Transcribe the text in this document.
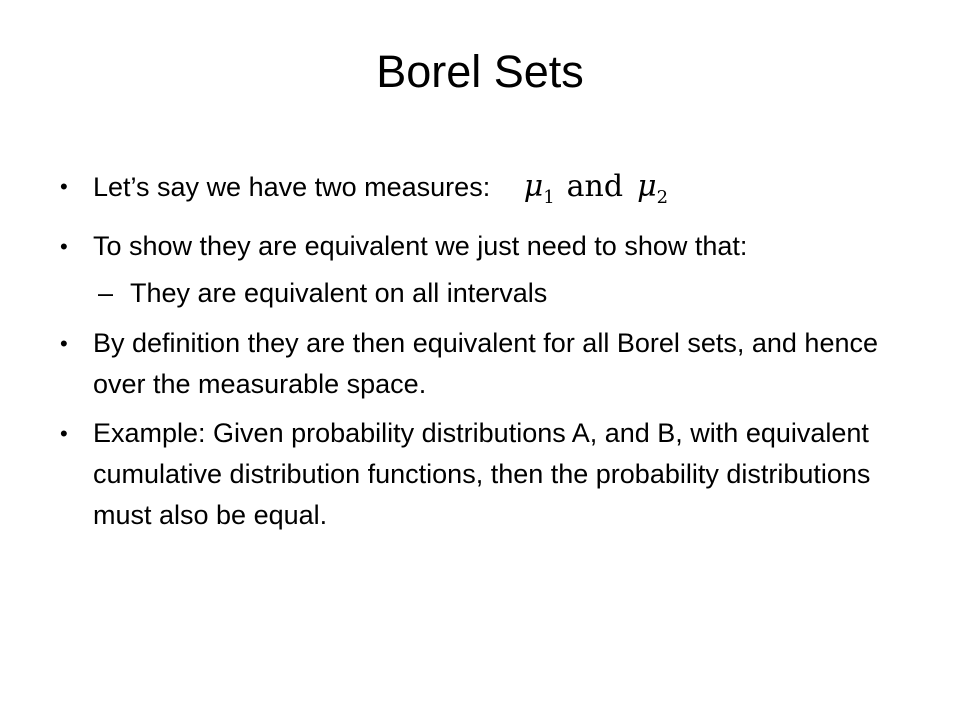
Borel Sets
• Let’s say we have two measures: $\mu_1$ and $\mu_2$
• To show they are equivalent we just need to show that:
– They are equivalent on all intervals
• By definition they are then equivalent for all Borel sets, and hence over the measurable space.
• Example: Given probability distributions A, and B, with equivalent cumulative distribution functions, then the probability distributions must also be equal.
